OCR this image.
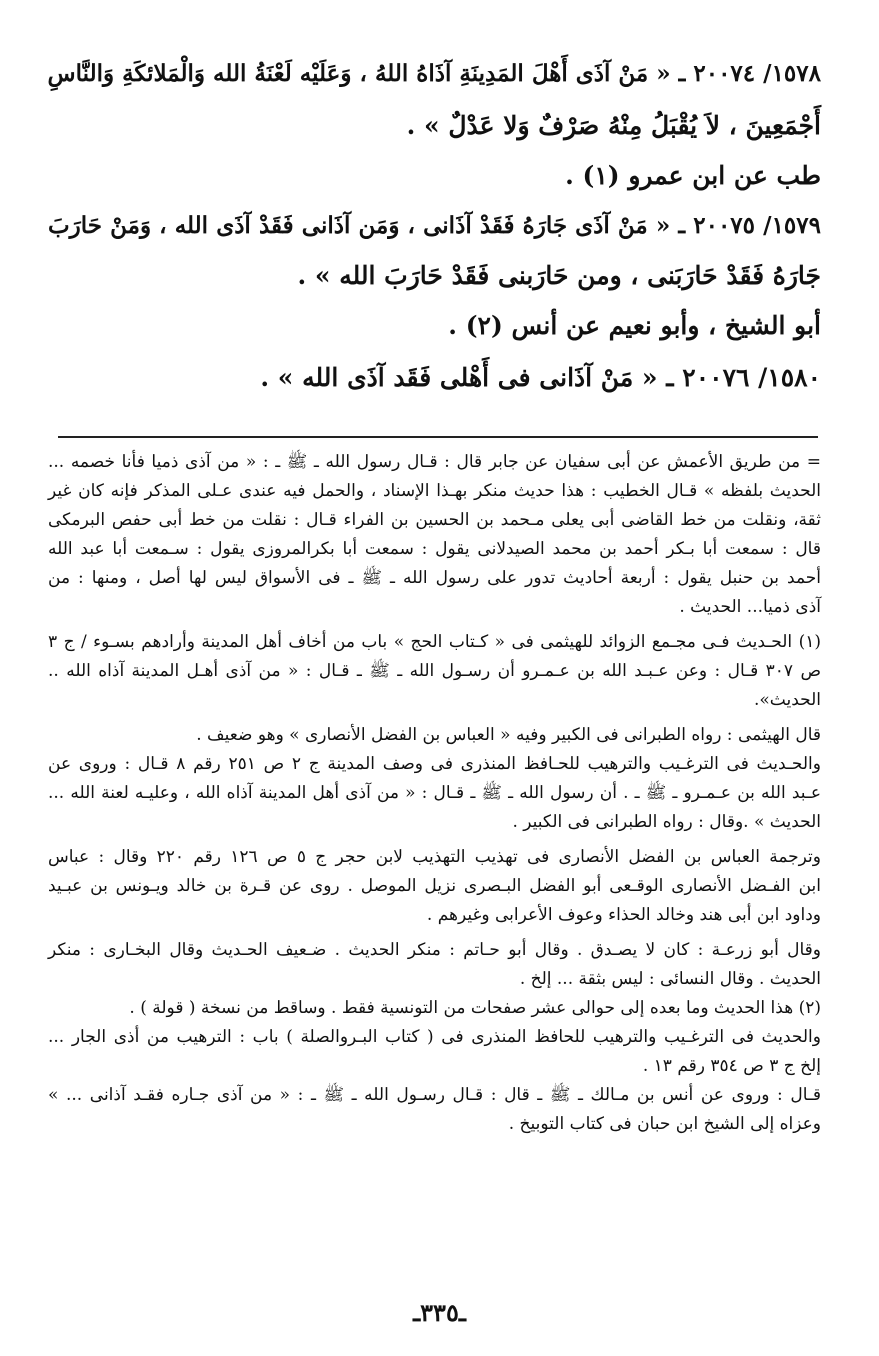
١٥٧٨/ ٢٠٠٧٤ ـ « مَنْ آذَى أَهْلَ المَدِينَةِ آذَاهُ اللهُ ، وَعَلَيْه لَعْنَةُ الله وَالْمَلائكَةِ وَالنَّاسِ

أَجْمَعِينَ ، لاَ يُقْبَلُ مِنْهُ صَرْفٌ وَلا عَدْلٌ » .

طب عن ابن عمرو (١) .

١٥٧٩/ ٢٠٠٧٥ ـ « مَنْ آذَى جَارَهُ فَقَدْ آذَانى ، وَمَن آذَانى فَقَدْ آذَى الله ، وَمَنْ حَارَبَ

جَارَهُ فَقَدْ حَارَبَنى ، ومن حَارَبنى فَقَدْ حَارَبَ الله » .

أبو الشيخ ، وأبو نعيم عن أنس (٢) .

١٥٨٠/ ٢٠٠٧٦ ـ « مَنْ آذَانى فى أَهْلى فَقَد آذَى الله » .

= من طريق الأعمش عن أبى سفيان عن جابر قال : قـال رسول الله ـ ﷺ ـ : « من آذى ذميا فأنا خصمه ...

الحديث بلفظه » قـال الخطيب : هذا حديث منكر بهـذا الإسناد ، والحمل فيه عندى عـلى المذكر فإنه كان غير

ثقة، ونقلت من خط القاضى أبى يعلى مـحمد بن الحسين بن الفراء قـال : نقلت من خط أبى حفص البرمكى

قال : سمعت أبا بـكر أحمد بن محمد الصيدلانى يقول : سمعت أبا بكرالمروزى يقول : سـمعت أبا عبد الله

أحمد بن حنبل يقول : أربعة أحاديث تدور على رسول الله ـ ﷺ ـ فى الأسواق ليس لها أصل ، ومنها : من

آذى ذميا... الحديث .

(١) الحـديث فـى مجـمع الزوائد للهيثمى فى « كـتاب الحج » باب من أخاف أهل المدينة وأرادهم بسـوء / ج ٣

ص ٣٠٧ قـال : وعن عـبـد الله بن عـمـرو أن رسـول الله ـ ﷺ ـ قـال : « من آذى أهـل المدينة آذاه الله ..

الحديث».

قال الهيثمى : رواه الطبرانى فى الكبير وفيه « العباس بن الفضل الأنصارى » وهو ضعيف .

والحـديث فى الترغـيب والترهيب للحـافظ المنذرى فى وصف المدينة ج ٢ ص ٢٥١ رقم ٨ قـال : وروى عن

عـبد الله بن عـمـرو ـ ﷺ ـ . أن رسول الله ـ ﷺ ـ قـال : « من آذى أهل المدينة آذاه الله ، وعليـه لعنة الله ...

الحديث » .وقال : رواه الطبرانى فى الكبير .

وترجمة العباس بن الفضل الأنصارى فى تهذيب التهذيب لابن حجر ج ٥ ص ١٢٦ رقم ٢٢٠ وقال : عباس

ابن الفـضل الأنصارى الوقـعى أبو الفضل البـصرى نزيل الموصل . روى عن قـرة بن خالد ويـونس بن عبـيد

وداود ابن أبى هند وخالد الحذاء وعوف الأعرابى وغيرهم .

وقال أبو زرعـة : كان لا يصـدق . وقال أبو حـاتم : منكر الحديث . ضـعيف الحـديث وقال البخـارى : منكر

الحديث . وقال النسائى : ليس بثقة ... إلخ .

(٢) هذا الحديث وما بعده إلى حوالى عشر صفحات من التونسية فقط . وساقط من نسخة ( قولة ) .

والحديث فى الترغـيب والترهيب للحافظ المنذرى فى ( كتاب البـروالصلة ) باب : الترهيب من أذى الجار ...

إلخ ج ٣ ص ٣٥٤ رقم ١٣ .

قـال : وروى عن أنس بن مـالك ـ ﷺ ـ قال : قـال رسـول الله ـ ﷺ ـ : « من آذى جـاره فقـد آذانى ... »

وعزاه إلى الشيخ ابن حبان فى كتاب التوبيخ .

ـ٣٣٥ـ
